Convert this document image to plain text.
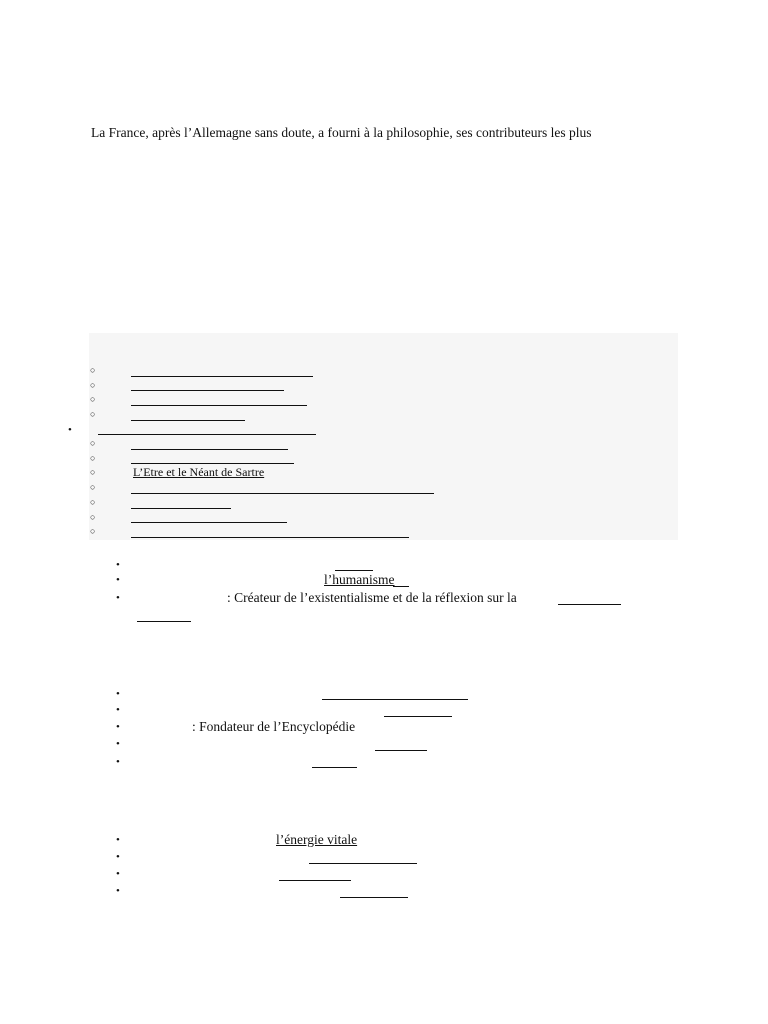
La France, après l’Allemagne sans doute, a fourni à la philosophie, ses contributeurs les plus
○
○
○
○
•
○
○
○
L’Etre et le Néant de Sartre
○
○
○
○
•
•
l’humanisme
•
: Créateur de l’existentialisme et de la réflexion sur la
•
•
•
: Fondateur de l’Encyclopédie
•
•
•
l’énergie vitale
•
•
•
